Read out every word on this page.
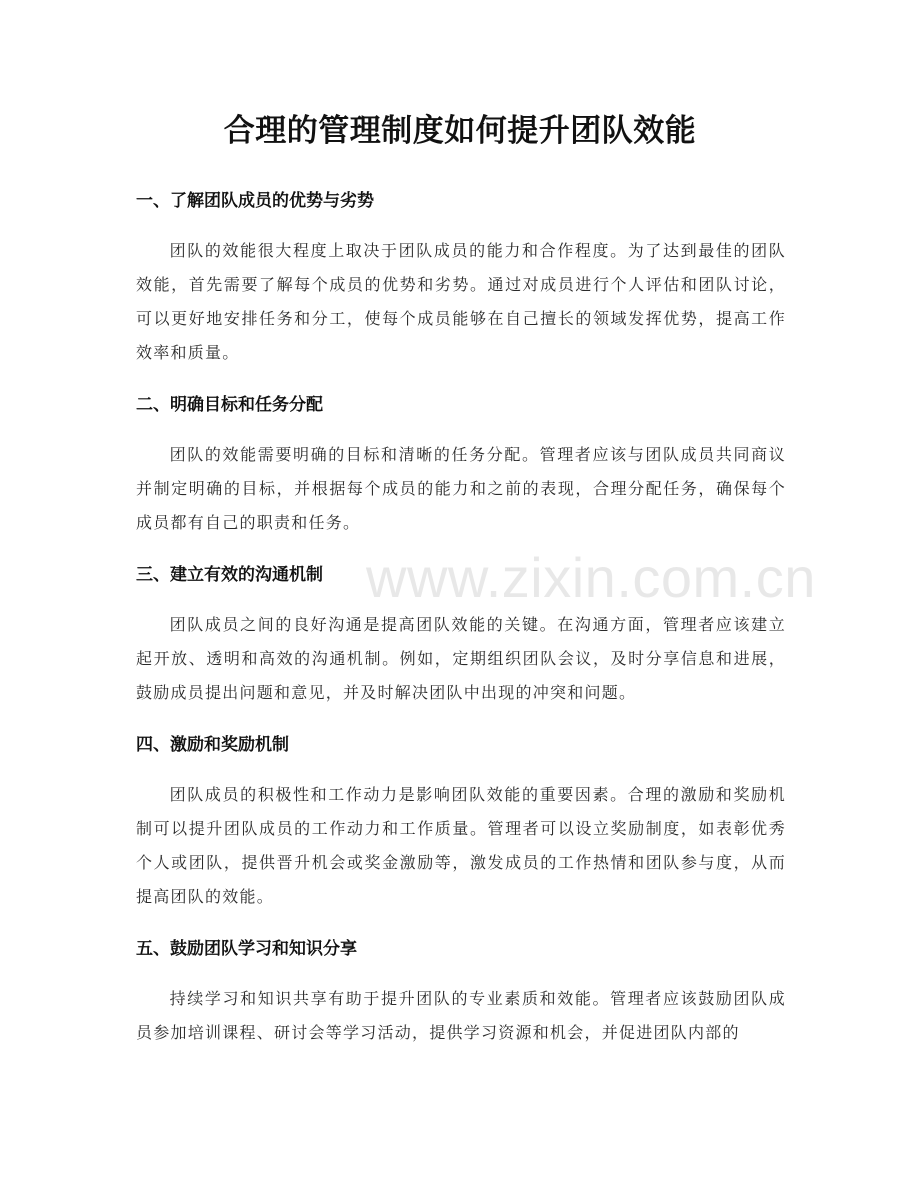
合理的管理制度如何提升团队效能
一、了解团队成员的优势与劣势

团队的效能很大程度上取决于团队成员的能力和合作程度。为了达到最佳的团队效能，首先需要了解每个成员的优势和劣势。通过对成员进行个人评估和团队讨论，可以更好地安排任务和分工，使每个成员能够在自己擅长的领域发挥优势，提高工作效率和质量。

二、明确目标和任务分配

团队的效能需要明确的目标和清晰的任务分配。管理者应该与团队成员共同商议并制定明确的目标，并根据每个成员的能力和之前的表现，合理分配任务，确保每个成员都有自己的职责和任务。

三、建立有效的沟通机制

团队成员之间的良好沟通是提高团队效能的关键。在沟通方面，管理者应该建立起开放、透明和高效的沟通机制。例如，定期组织团队会议，及时分享信息和进展，鼓励成员提出问题和意见，并及时解决团队中出现的冲突和问题。

四、激励和奖励机制

团队成员的积极性和工作动力是影响团队效能的重要因素。合理的激励和奖励机制可以提升团队成员的工作动力和工作质量。管理者可以设立奖励制度，如表彰优秀个人或团队，提供晋升机会或奖金激励等，激发成员的工作热情和团队参与度，从而提高团队的效能。

五、鼓励团队学习和知识分享

持续学习和知识共享有助于提升团队的专业素质和效能。管理者应该鼓励团队成员参加培训课程、研讨会等学习活动，提供学习资源和机会，并促进团队内部的

www.zixin.com.cn
